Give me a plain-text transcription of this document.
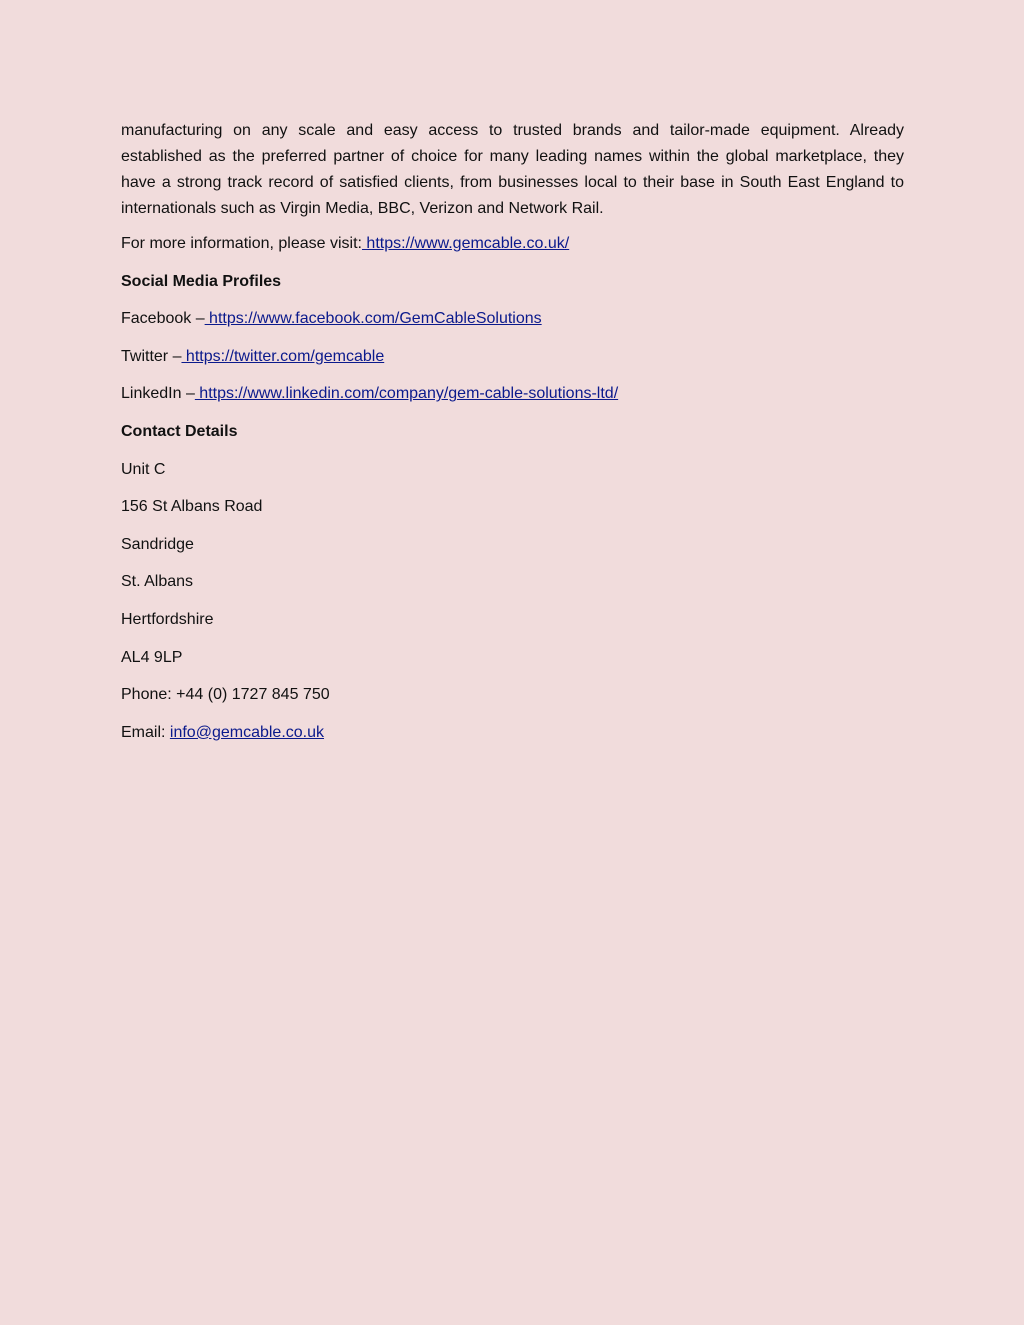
manufacturing on any scale and easy access to trusted brands and tailor-made equipment. Already established as the preferred partner of choice for many leading names within the global marketplace, they have a strong track record of satisfied clients, from businesses local to their base in South East England to internationals such as Virgin Media, BBC, Verizon and Network Rail.

For more information, please visit: https://www.gemcable.co.uk/

Social Media Profiles

Facebook – https://www.facebook.com/GemCableSolutions

Twitter – https://twitter.com/gemcable

LinkedIn – https://www.linkedin.com/company/gem-cable-solutions-ltd/

Contact Details

Unit C

156 St Albans Road

Sandridge

St. Albans

Hertfordshire

AL4 9LP

Phone: +44 (0) 1727 845 750

Email: info@gemcable.co.uk
